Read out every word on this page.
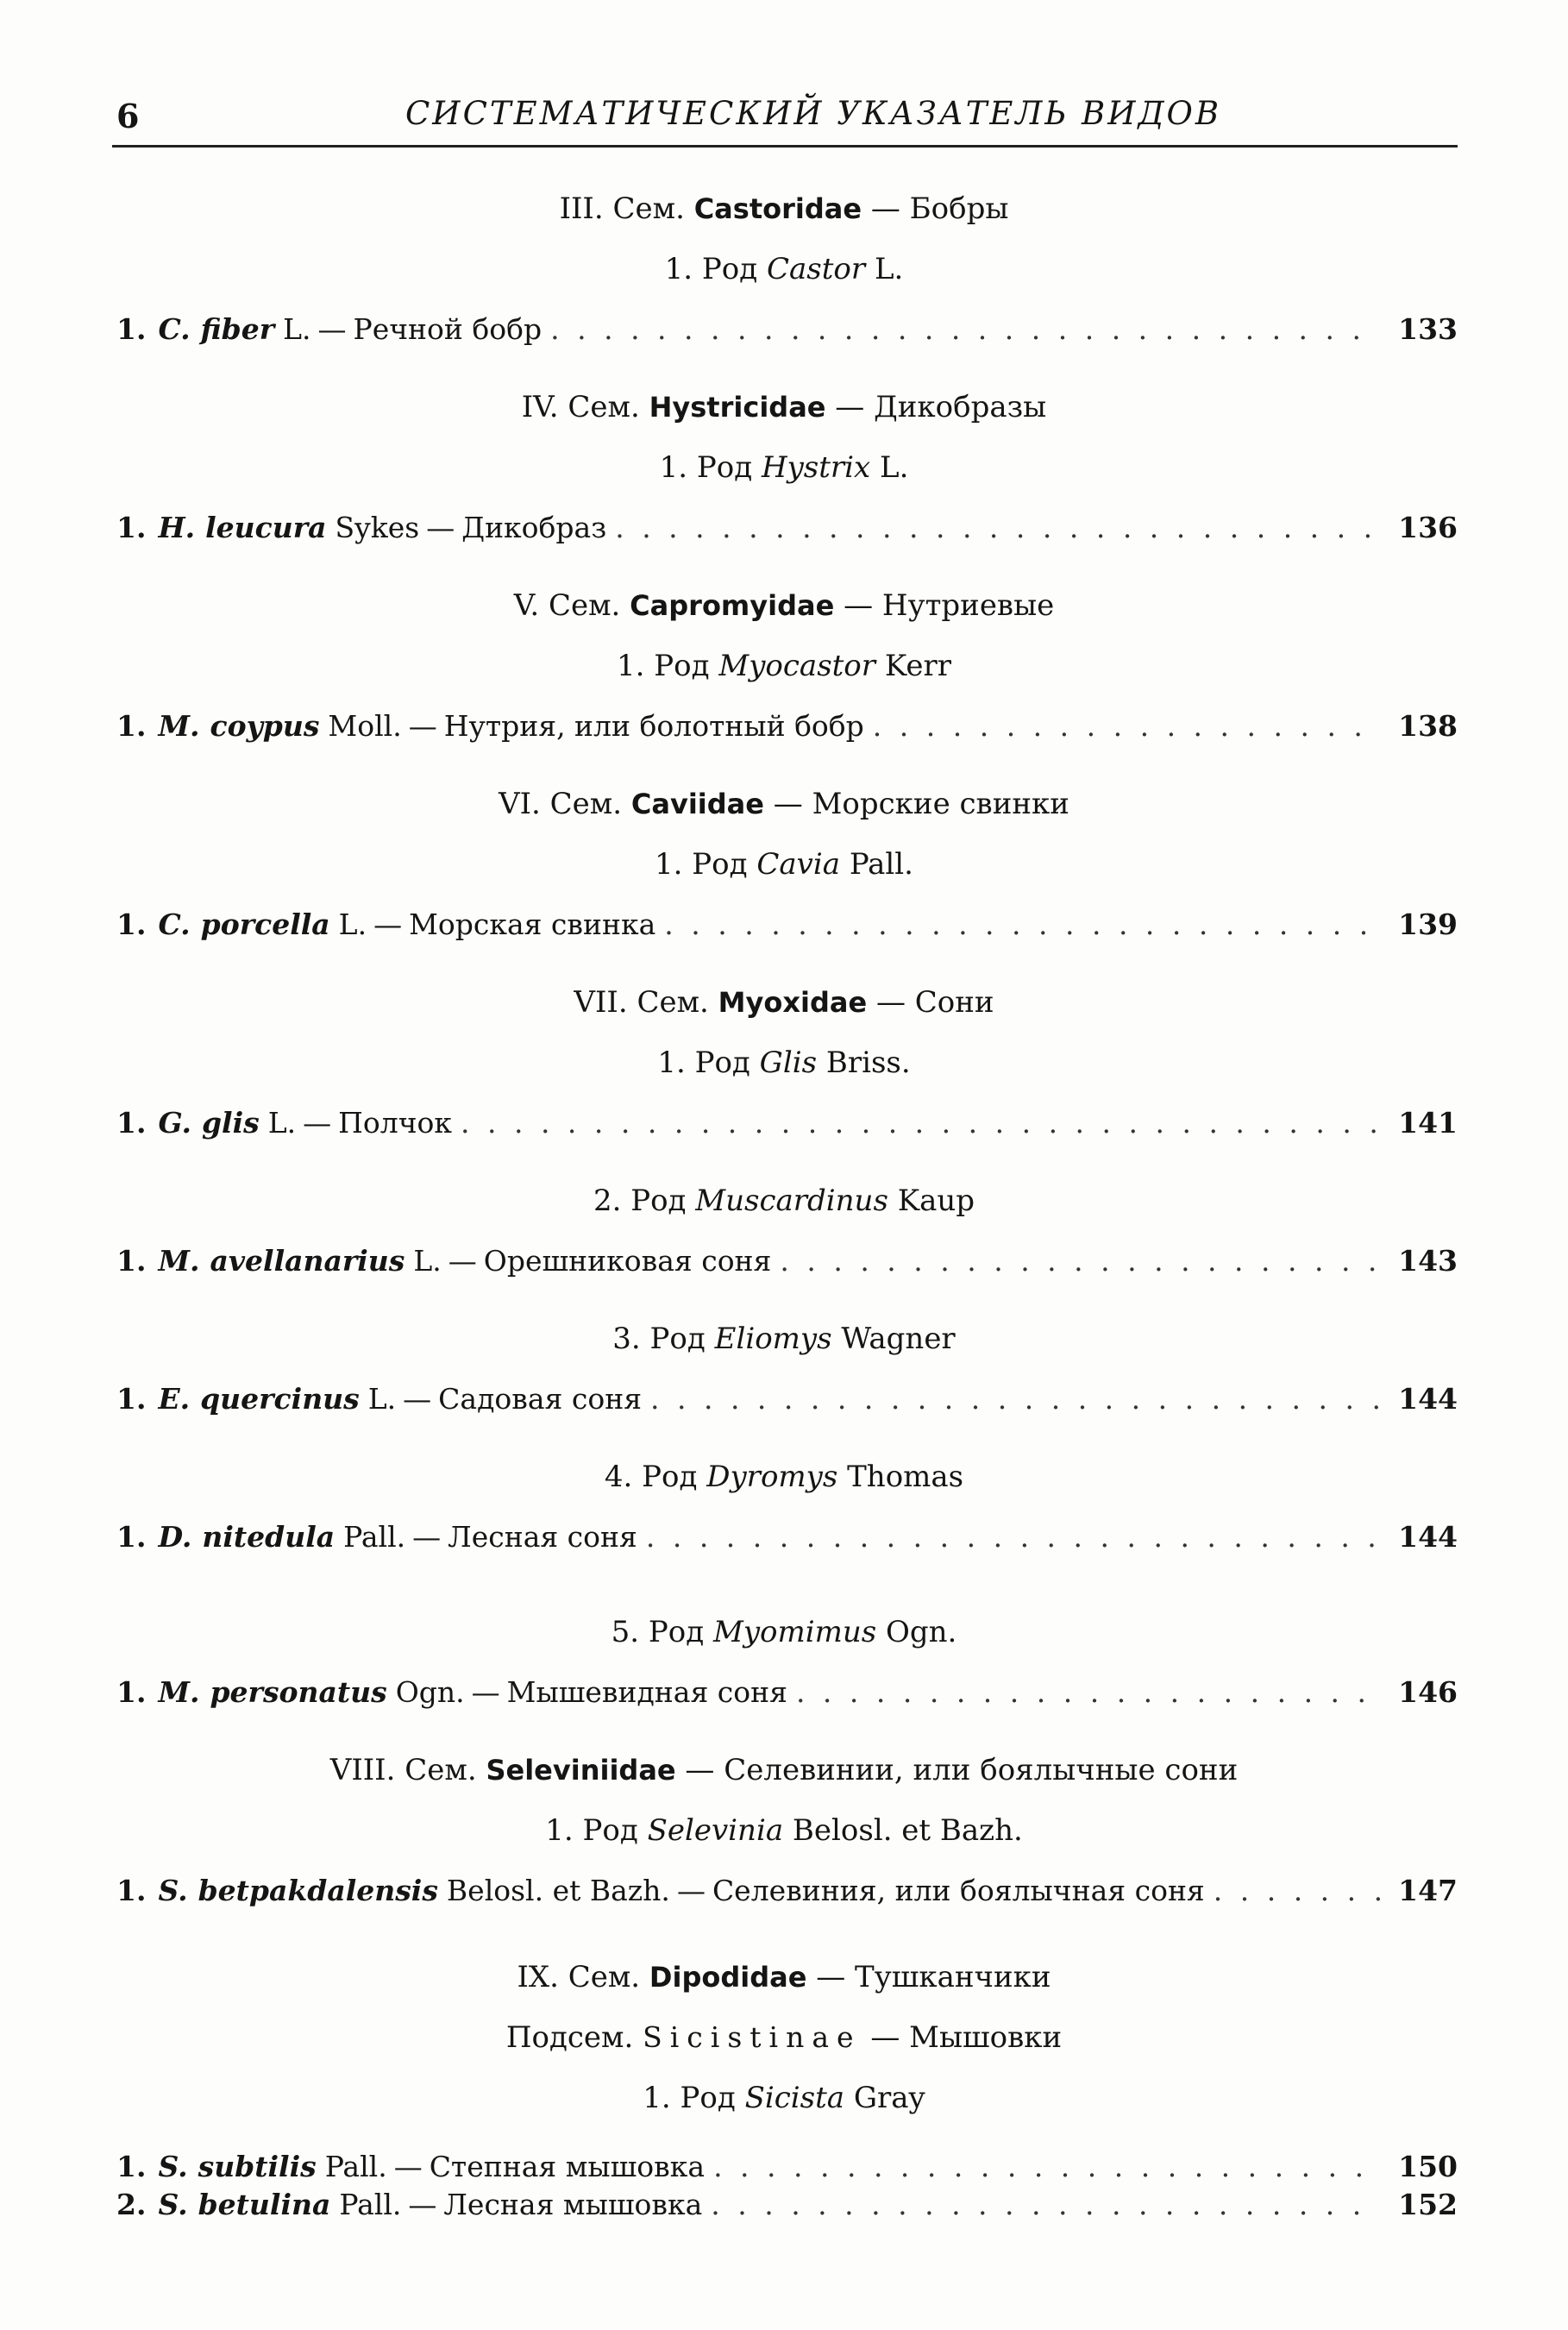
6	СИСТЕМАТИЧЕСКИЙ УКАЗАТЕЛЬ ВИДОВ
III. Сем. Castoridae — Бобры
1. Род Castor L.
1. C. fiber L. — Речной бобр . . .	133
IV. Сем. Hystricidae — Дикобразы
1. Род Hystrix L.
1. H. leucura Sykes — Дикобраз . . .	136
V. Сем. Capromyidae — Нутриевые
1. Род Myocastor Kerr
1. M. coypus Moll. — Нутрия, или болотный бобр . . .	138
VI. Сем. Caviidae — Морские свинки
1. Род Cavia Pall.
1. C. porcella L. — Морская свинка . . .	139
VII. Сем. Myoxidae — Сони
1. Род Glis Briss.
1. G. glis L. — Полчок . . .	141
2. Род Muscardinus Kaup
1. M. avellanarius L. — Орешниковая соня . . .	143
3. Род Eliomys Wagner
1. E. quercinus L. — Садовая соня . . .	144
4. Род Dyromys Thomas
1. D. nitedula Pall. — Лесная соня . . .	144
5. Род Myomimus Ogn.
1. M. personatus Ogn. — Мышевидная соня . . .	146
VIII. Сем. Seleviniidae — Селевинии, или боялычные сони
1. Род Selevinia Belosl. et Bazh.
1. S. betpakdalensis Belosl. et Bazh. — Селевиния, или боялычная соня . . .	147
IX. Сем. Dipodidae — Тушканчики
Подсем. Sicistinae — Мышовки
1. Род Sicista Gray
1. S. subtilis Pall. — Степная мышовка . . .	150
2. S. betulina Pall. — Лесная мышовка . . .	152
